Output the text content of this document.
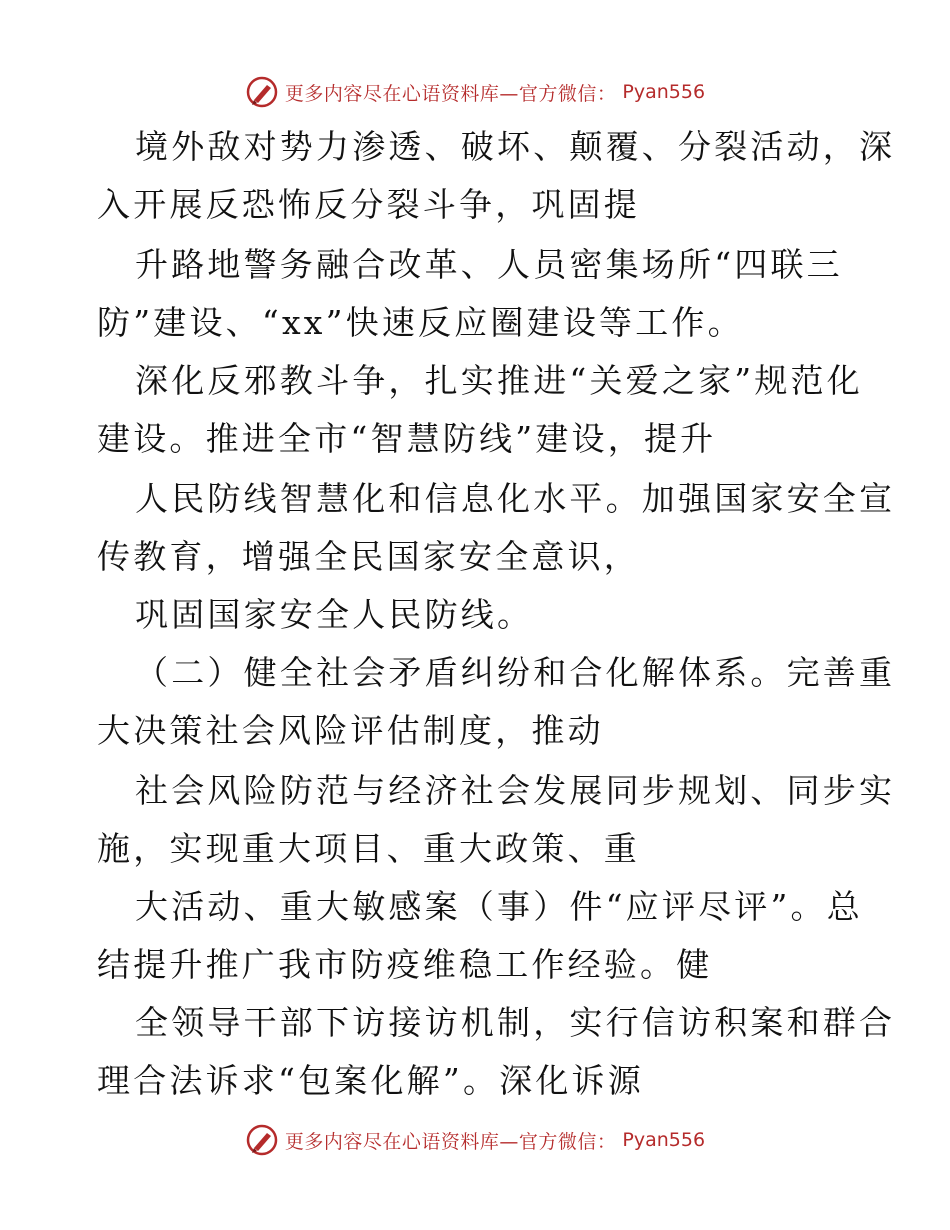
更多内容尽在心语资料库—官方微信： Pyan556
境外敌对势力渗透、破坏、颠覆、分裂活动，深
入开展反恐怖反分裂斗争，巩固提
升路地警务融合改革、人员密集场所“四联三
防”建设、“xx”快速反应圈建设等工作。
深化反邪教斗争，扎实推进“关爱之家”规范化
建设。推进全市“智慧防线”建设，提升
人民防线智慧化和信息化水平。加强国家安全宣
传教育，增强全民国家安全意识，
巩固国家安全人民防线。
（二）健全社会矛盾纠纷和合化解体系。完善重
大决策社会风险评估制度，推动
社会风险防范与经济社会发展同步规划、同步实
施，实现重大项目、重大政策、重
大活动、重大敏感案（事）件“应评尽评”。总
结提升推广我市防疫维稳工作经验。健
全领导干部下访接访机制，实行信访积案和群合
理合法诉求“包案化解”。深化诉源
更多内容尽在心语资料库—官方微信： Pyan556
